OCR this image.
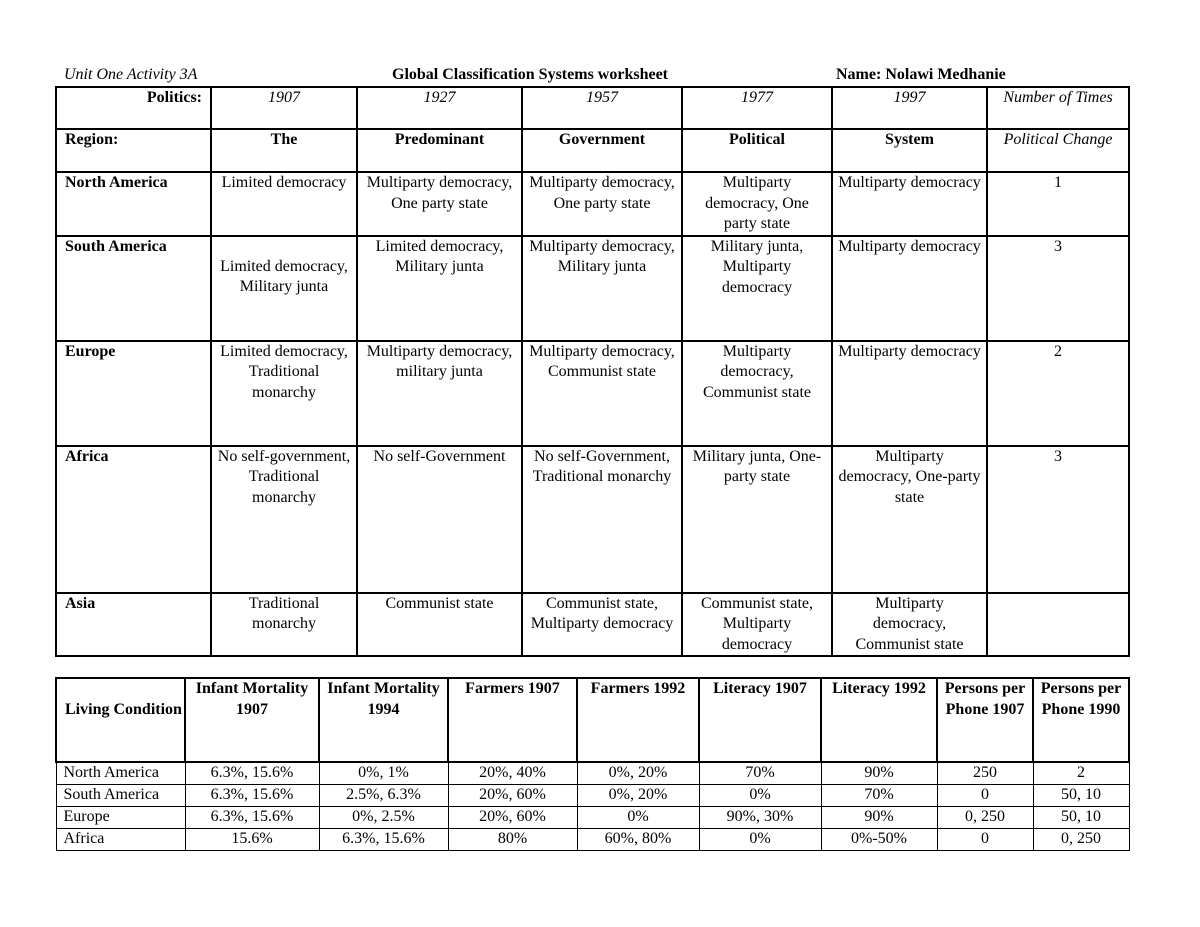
Unit One Activity 3A	Global Classification Systems worksheet	Name: Nolawi Medhanie
Politics:	1907	1927	1957	1977	1997	Number of Times
Region:	The	Predominant	Government	Political	System	Political Change
North America	Limited democracy	Multiparty democracy, One party state	Multiparty democracy, One party state	Multiparty democracy, One party state	Multiparty democracy	1
South America	Limited democracy, Military junta	Limited democracy, Military junta	Multiparty democracy, Military junta	Military junta, Multiparty democracy	Multiparty democracy	3
Europe	Limited democracy, Traditional monarchy	Multiparty democracy, military junta	Multiparty democracy, Communist state	Multiparty democracy, Communist state	Multiparty democracy	2
Africa	No self-government, Traditional monarchy	No self-Government	No self-Government, Traditional monarchy	Military junta, One-party state	Multiparty democracy, One-party state	3
Asia	Traditional monarchy	Communist state	Communist state, Multiparty democracy	Communist state, Multiparty democracy	Multiparty democracy, Communist state	
Living Condition	Infant Mortality 1907	Infant Mortality 1994	Farmers 1907	Farmers 1992	Literacy 1907	Literacy 1992	Persons per Phone 1907	Persons per Phone 1990
North America	6.3%, 15.6%	0%, 1%	20%, 40%	0%, 20%	70%	90%	250	2
South America	6.3%, 15.6%	2.5%, 6.3%	20%, 60%	0%, 20%	0%	70%	0	50, 10
Europe	6.3%, 15.6%	0%, 2.5%	20%, 60%	0%	90%, 30%	90%	0, 250	50, 10
Africa	15.6%	6.3%, 15.6%	80%	60%, 80%	0%	0%-50%	0	0, 250
